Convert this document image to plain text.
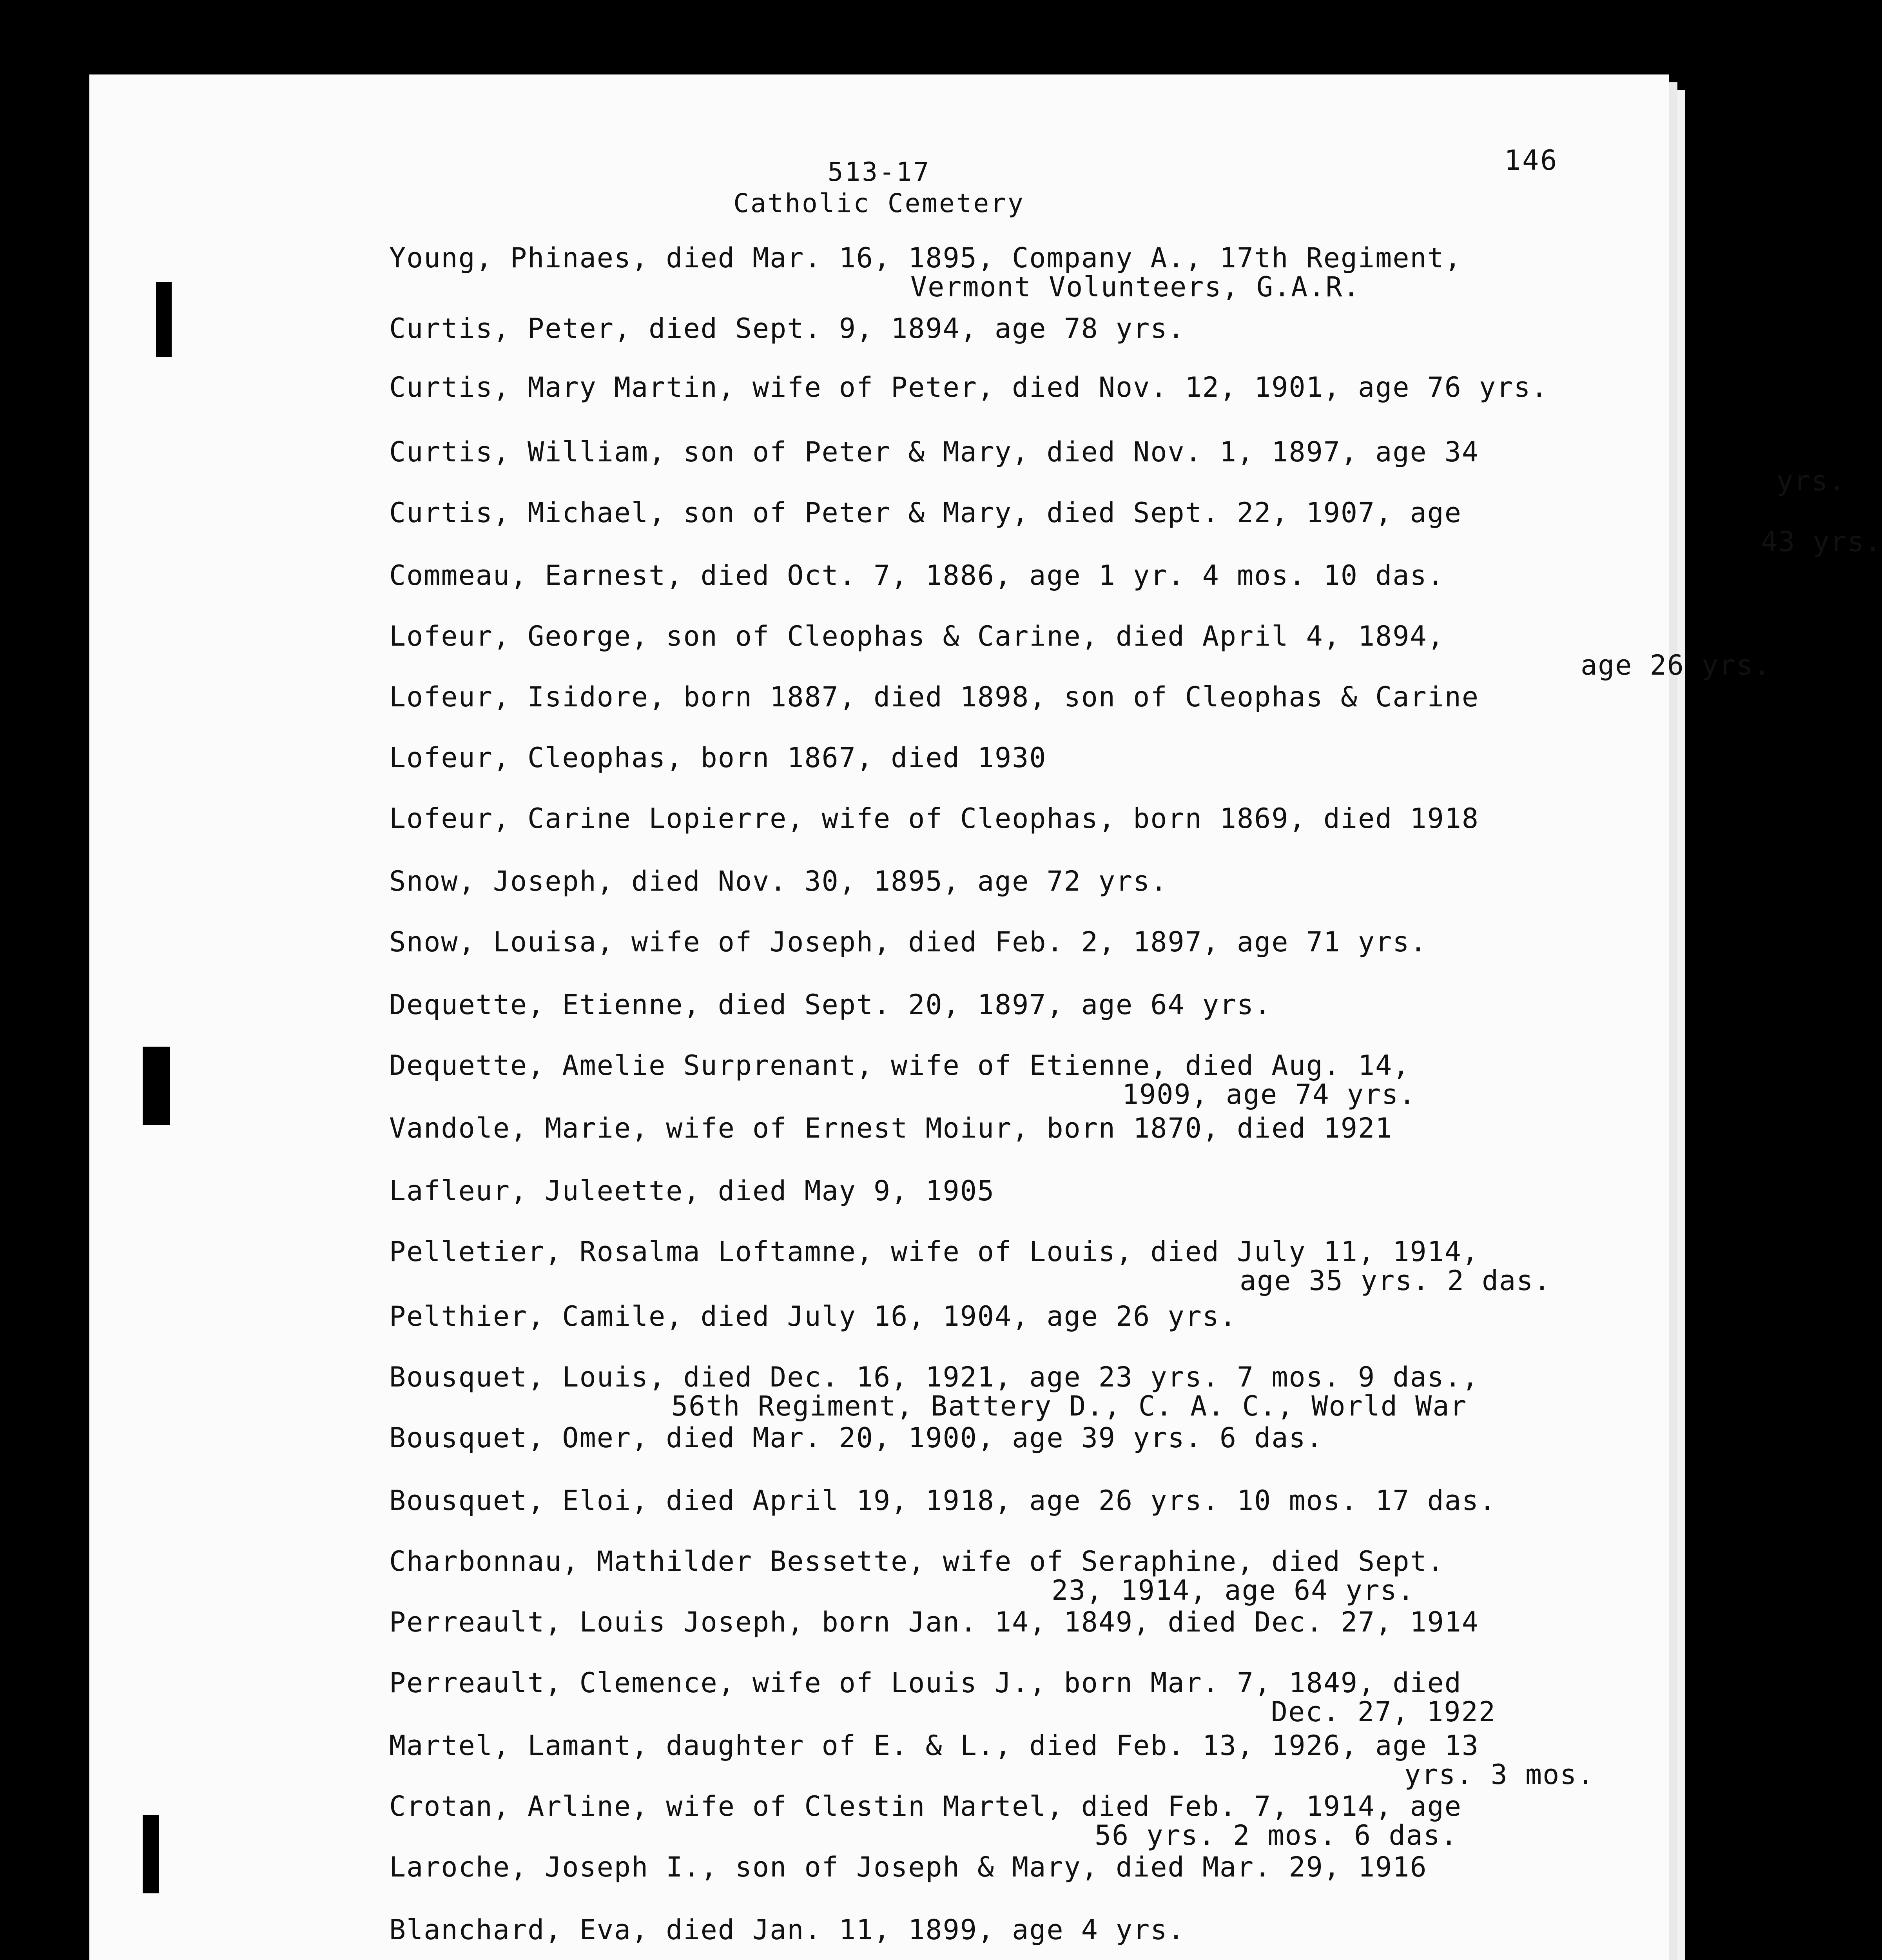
513-17
Catholic Cemetery
146
Young, Phinaes, died Mar. 16, 1895, Company A., 17th Regiment,
Vermont Volunteers, G.A.R.
Curtis, Peter, died Sept. 9, 1894, age 78 yrs.
Curtis, Mary Martin, wife of Peter, died Nov. 12, 1901, age 76 yrs.
Curtis, William, son of Peter & Mary, died Nov. 1, 1897, age 34
yrs.
Curtis, Michael, son of Peter & Mary, died Sept. 22, 1907, age
43 yrs.
Commeau, Earnest, died Oct. 7, 1886, age 1 yr. 4 mos. 10 das.
Lofeur, George, son of Cleophas & Carine, died April 4, 1894,
age 26 yrs.
Lofeur, Isidore, born 1887, died 1898, son of Cleophas & Carine
Lofeur, Cleophas, born 1867, died 1930
Lofeur, Carine Lopierre, wife of Cleophas, born 1869, died 1918
Snow, Joseph, died Nov. 30, 1895, age 72 yrs.
Snow, Louisa, wife of Joseph, died Feb. 2, 1897, age 71 yrs.
Dequette, Etienne, died Sept. 20, 1897, age 64 yrs.
Dequette, Amelie Surprenant, wife of Etienne, died Aug. 14,
1909, age 74 yrs.
Vandole, Marie, wife of Ernest Moiur, born 1870, died 1921
Lafleur, Juleette, died May 9, 1905
Pelletier, Rosalma Loftamne, wife of Louis, died July 11, 1914,
age 35 yrs. 2 das.
Pelthier, Camile, died July 16, 1904, age 26 yrs.
Bousquet, Louis, died Dec. 16, 1921, age 23 yrs. 7 mos. 9 das.,
56th Regiment, Battery D., C. A. C., World War
Bousquet, Omer, died Mar. 20, 1900, age 39 yrs. 6 das.
Bousquet, Eloi, died April 19, 1918, age 26 yrs. 10 mos. 17 das.
Charbonnau, Mathilder Bessette, wife of Seraphine, died Sept.
23, 1914, age 64 yrs.
Perreault, Louis Joseph, born Jan. 14, 1849, died Dec. 27, 1914
Perreault, Clemence, wife of Louis J., born Mar. 7, 1849, died
Dec. 27, 1922
Martel, Lamant, daughter of E. & L., died Feb. 13, 1926, age 13
yrs. 3 mos.
Crotan, Arline, wife of Clestin Martel, died Feb. 7, 1914, age
56 yrs. 2 mos. 6 das.
Laroche, Joseph I., son of Joseph & Mary, died Mar. 29, 1916
Blanchard, Eva, died Jan. 11, 1899, age 4 yrs.
